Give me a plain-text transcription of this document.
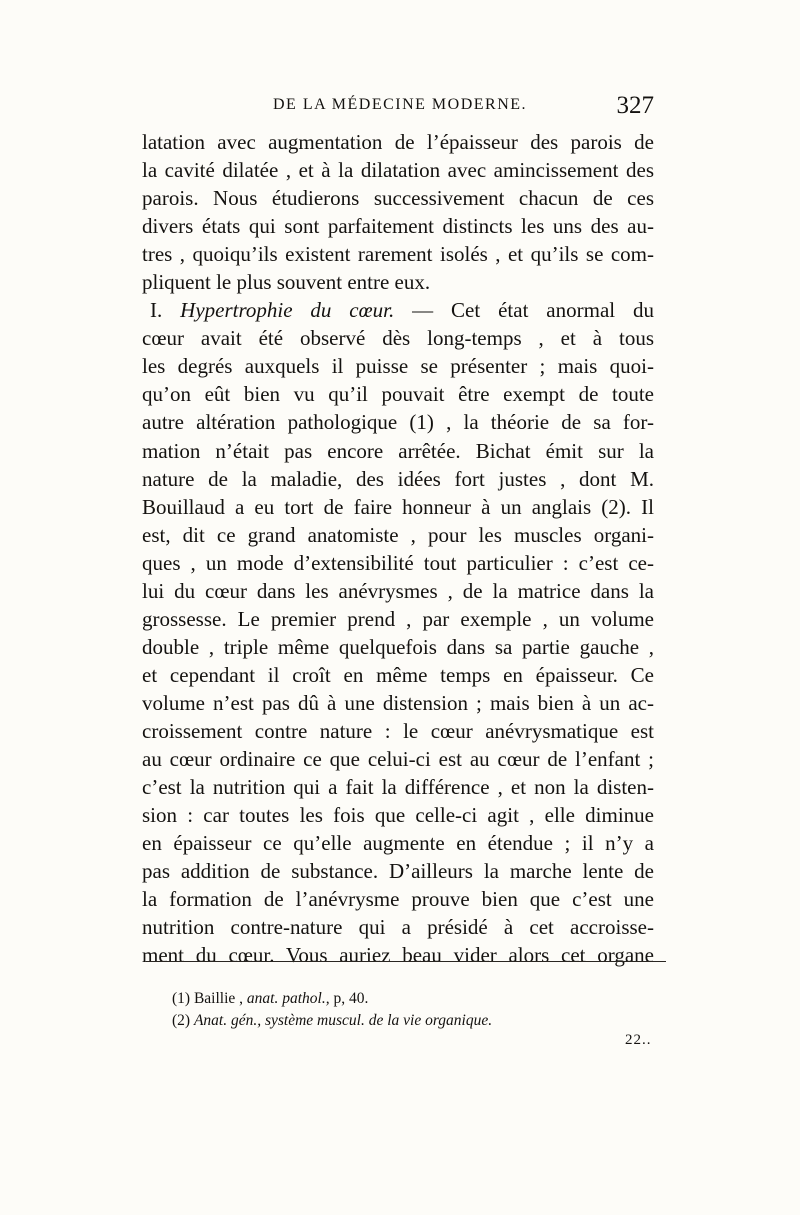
DE LA MÉDECINE MODERNE.	327
latation avec augmentation de l’épaisseur des parois de
la cavité dilatée , et à la dilatation avec amincissement des
parois. Nous étudierons successivement chacun de ces
divers états qui sont parfaitement distincts les uns des au-
tres , quoiqu’ils existent rarement isolés , et qu’ils se com-
pliquent le plus souvent entre eux.
I. Hypertrophie du cœur. — Cet état anormal du
cœur avait été observé dès long-temps , et à tous
les degrés auxquels il puisse se présenter ; mais quoi-
qu’on eût bien vu qu’il pouvait être exempt de toute
autre altération pathologique (1) , la théorie de sa for-
mation n’était pas encore arrêtée. Bichat émit sur la
nature de la maladie, des idées fort justes , dont M.
Bouillaud a eu tort de faire honneur à un anglais (2). Il
est, dit ce grand anatomiste , pour les muscles organi-
ques , un mode d’extensibilité tout particulier : c’est ce-
lui du cœur dans les anévrysmes , de la matrice dans la
grossesse. Le premier prend , par exemple , un volume
double , triple même quelquefois dans sa partie gauche ,
et cependant il croît en même temps en épaisseur. Ce
volume n’est pas dû à une distension ; mais bien à un ac-
croissement contre nature : le cœur anévrysmatique est
au cœur ordinaire ce que celui-ci est au cœur de l’enfant ;
c’est la nutrition qui a fait la différence , et non la disten-
sion : car toutes les fois que celle-ci agit , elle diminue
en épaisseur ce qu’elle augmente en étendue ; il n’y a
pas addition de substance. D’ailleurs la marche lente de
la formation de l’anévrysme prouve bien que c’est une
nutrition contre-nature qui a présidé à cet accroisse-
ment du cœur. Vous auriez beau vider alors cet organe
(1) Baillie , anat. pathol., p, 40.
(2) Anat. gén., système muscul. de la vie organique.
22..
